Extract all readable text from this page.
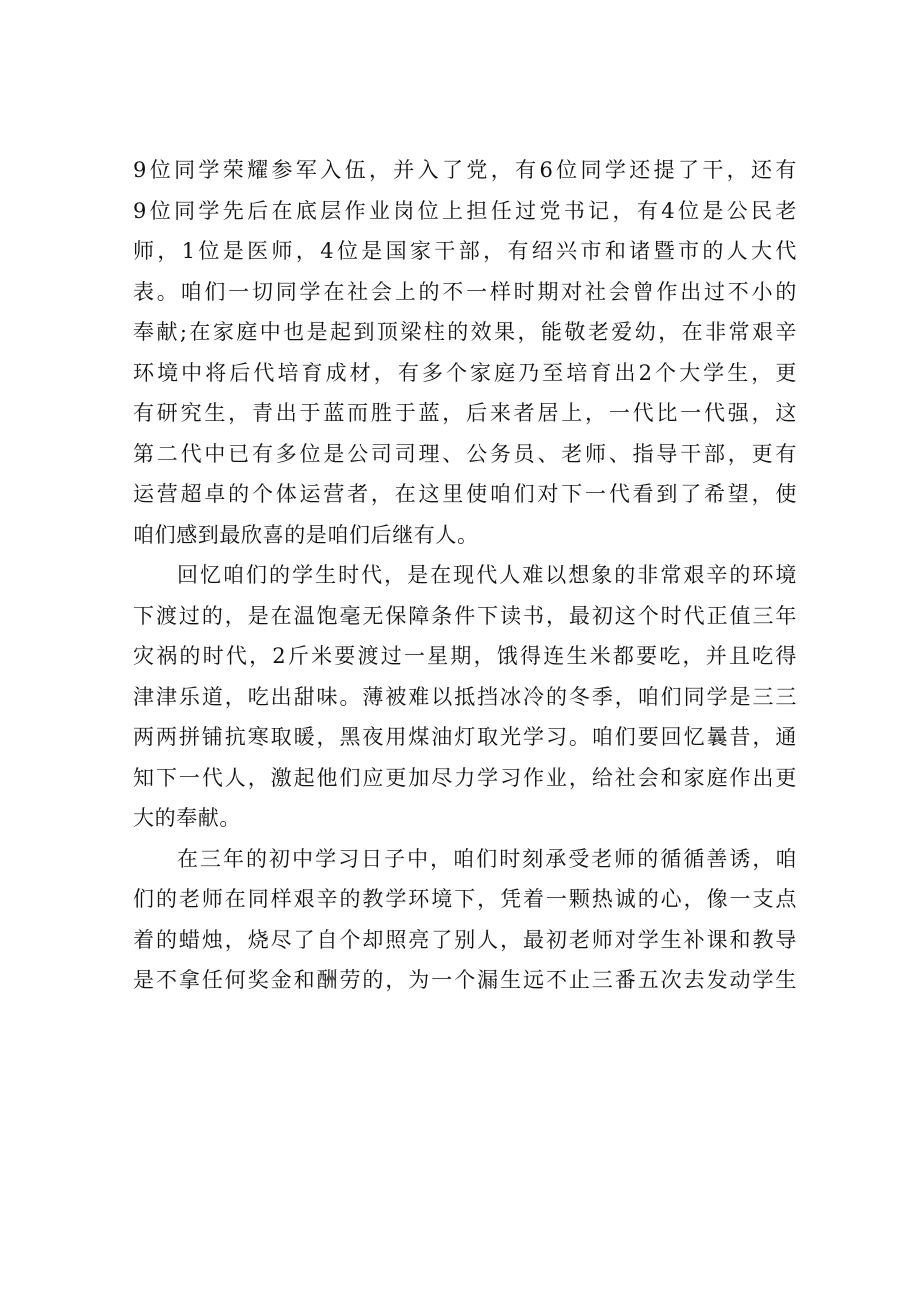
9位同学荣耀参军入伍，并入了党，有6位同学还提了干，还有
9位同学先后在底层作业岗位上担任过党书记，有4位是公民老
师，1位是医师，4位是国家干部，有绍兴市和诸暨市的人大代
表。咱们一切同学在社会上的不一样时期对社会曾作出过不小的
奉献;在家庭中也是起到顶梁柱的效果，能敬老爱幼，在非常艰辛
环境中将后代培育成材，有多个家庭乃至培育出2个大学生，更
有研究生，青出于蓝而胜于蓝，后来者居上，一代比一代强，这
第二代中已有多位是公司司理、公务员、老师、指导干部，更有
运营超卓的个体运营者，在这里使咱们对下一代看到了希望，使
咱们感到最欣喜的是咱们后继有人。
回忆咱们的学生时代，是在现代人难以想象的非常艰辛的环境
下渡过的，是在温饱毫无保障条件下读书，最初这个时代正值三年
灾祸的时代，2斤米要渡过一星期，饿得连生米都要吃，并且吃得
津津乐道，吃出甜味。薄被难以抵挡冰冷的冬季，咱们同学是三三
两两拼铺抗寒取暖，黑夜用煤油灯取光学习。咱们要回忆曩昔，通
知下一代人，激起他们应更加尽力学习作业，给社会和家庭作出更
大的奉献。
在三年的初中学习日子中，咱们时刻承受老师的循循善诱，咱
们的老师在同样艰辛的教学环境下，凭着一颗热诚的心，像一支点
着的蜡烛，烧尽了自个却照亮了别人，最初老师对学生补课和教导
是不拿任何奖金和酬劳的，为一个漏生远不止三番五次去发动学生
